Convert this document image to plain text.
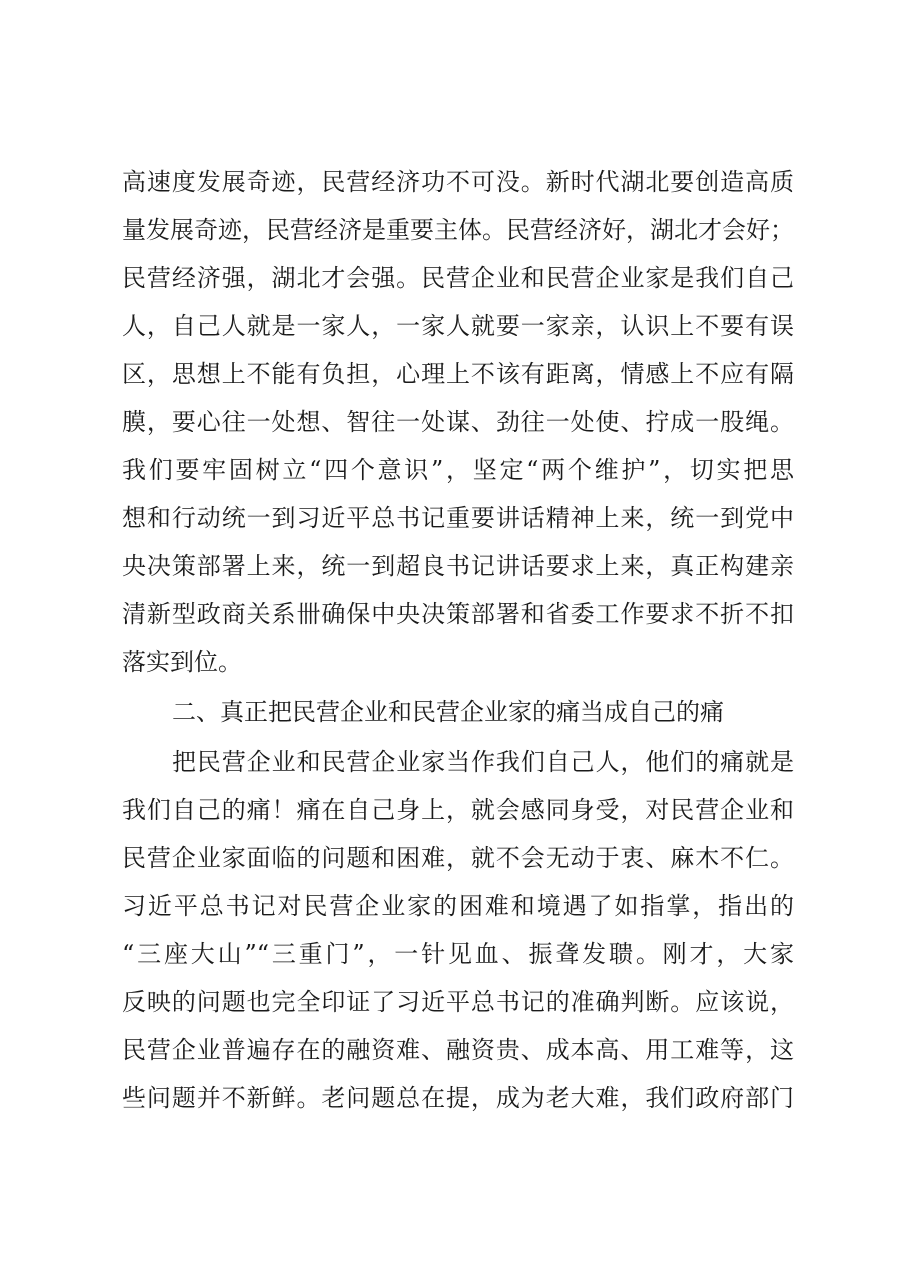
高速度发展奇迹，民营经济功不可没。新时代湖北要创造高质
量发展奇迹，民营经济是重要主体。民营经济好，湖北才会好；
民营经济强，湖北才会强。民营企业和民营企业家是我们自己
人，自己人就是一家人，一家人就要一家亲，认识上不要有误
区，思想上不能有负担，心理上不该有距离，情感上不应有隔
膜，要心往一处想、智往一处谋、劲往一处使、拧成一股绳。
我们要牢固树立“四个意识”，坚定“两个维护”，切实把思
想和行动统一到习近平总书记重要讲话精神上来，统一到党中
央决策部署上来，统一到超良书记讲话要求上来，真正构建亲
清新型政商关系卌确保中央决策部署和省委工作要求不折不扣
落实到位。
二、真正把民营企业和民营企业家的痛当成自己的痛
把民营企业和民营企业家当作我们自己人，他们的痛就是
我们自己的痛！痛在自己身上，就会感同身受，对民营企业和
民营企业家面临的问题和困难，就不会无动于衷、麻木不仁。
习近平总书记对民营企业家的困难和境遇了如指掌，指出的
“三座大山”“三重门”，一针见血、振聋发聩。刚才，大家
反映的问题也完全印证了习近平总书记的准确判断。应该说，
民营企业普遍存在的融资难、融资贵、成本高、用工难等，这
些问题并不新鲜。老问题总在提，成为老大难，我们政府部门
